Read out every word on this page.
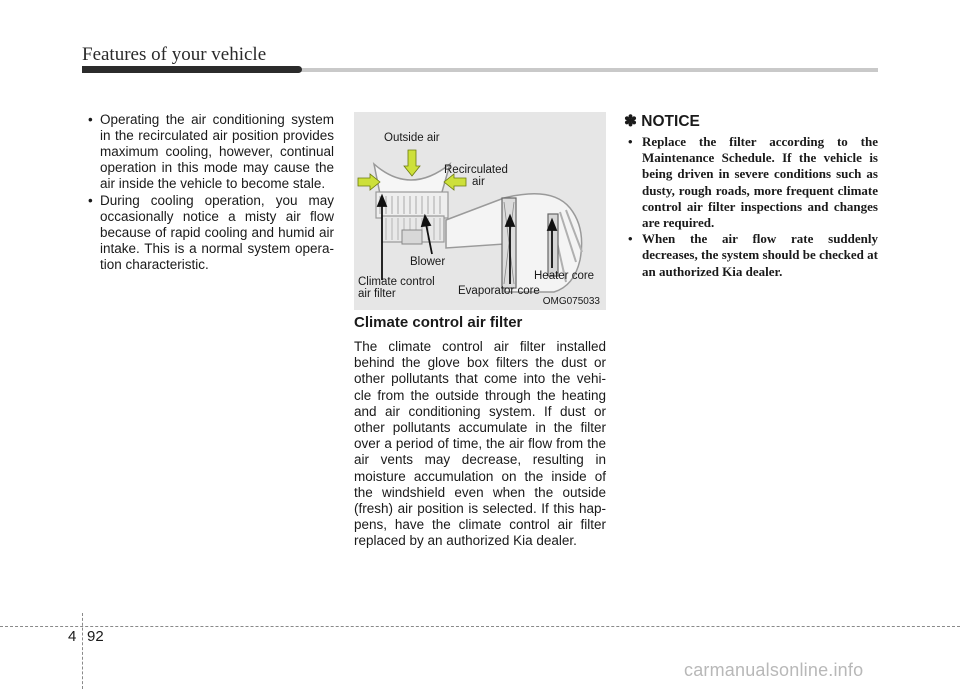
Features of your vehicle
• Operating the air conditioning system in the recirculated air position provides maximum cooling, however, continual operation in this mode may cause the air inside the vehicle to become stale.
• During cooling operation, you may occasionally notice a misty air flow because of rapid cooling and humid air intake. This is a normal system opera-tion characteristic.
Outside air
Recirculated
air
Blower
Heater core
Climate control
air filter	Evaporator core
OMG075033
Climate control air filter

The climate control air filter installed behind the glove box filters the dust or other pollutants that come into the vehi-cle from the outside through the heating and air conditioning system. If dust or other pollutants accumulate in the filter over a period of time, the air flow from the air vents may decrease, resulting in moisture accumulation on the inside of the windshield even when the outside (fresh) air position is selected. If this hap-pens, have the climate control air filter replaced by an authorized Kia dealer.

✽ NOTICE
• Replace the filter according to the Maintenance Schedule. If the vehicle is being driven in severe conditions such as dusty, rough roads, more frequent climate control air filter inspections and changes are required.
• When the air flow rate suddenly decreases, the system should be checked at an authorized Kia dealer.
4 92
carmanualsonline.info
